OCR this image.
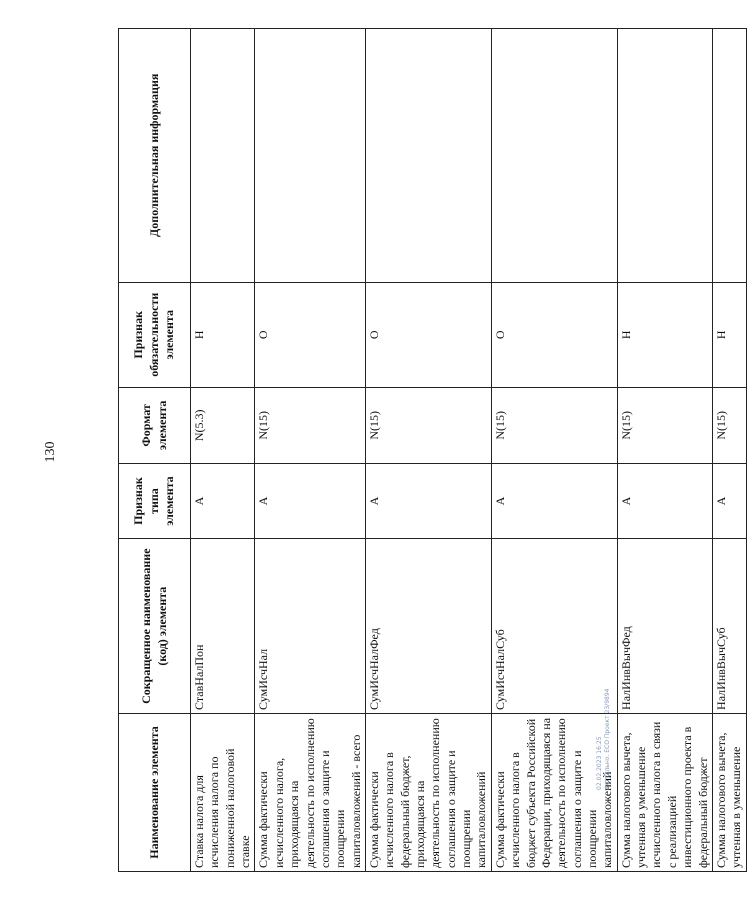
130
Наименование элемента	Сокращенное наименование (код) элемента	Признак типа элемента	Формат элемента	Признак обязательности элемента	Дополнительная информация
Ставка налога для исчисления налога по пониженной налоговой ставке	СтавНалПон	А	N(5.3)	Н	
Сумма фактически исчисленного налога, приходящаяся на деятельность по исполнению соглашения о защите и поощрении капиталовложений - всего	СумИсчНал	А	N(15)	О	
Сумма фактически исчисленного налога в федеральный бюджет, приходящаяся на деятельность по исполнению соглашения о защите и поощрении капиталовложений	СумИсчНалФед	А	N(15)	О	
Сумма фактически исчисленного налога в бюджет субъекта Российской Федерации, приходящаяся на деятельность по исполнению соглашения о защите и поощрении капиталовложений	СумИсчНалСуб	А	N(15)	О	
Сумма налогового вычета, учтенная в уменьшение исчисленного налога в связи с реализацией инвестиционного проекта в федеральный бюджет	НалИнвВычФед	А	N(15)	Н	
Сумма налогового вычета, учтенная в уменьшение	НалИнвВычСуб	А	N(15)	Н	
02.02.2023 16:25 Актуально. ЕСО Проект 23/9894
